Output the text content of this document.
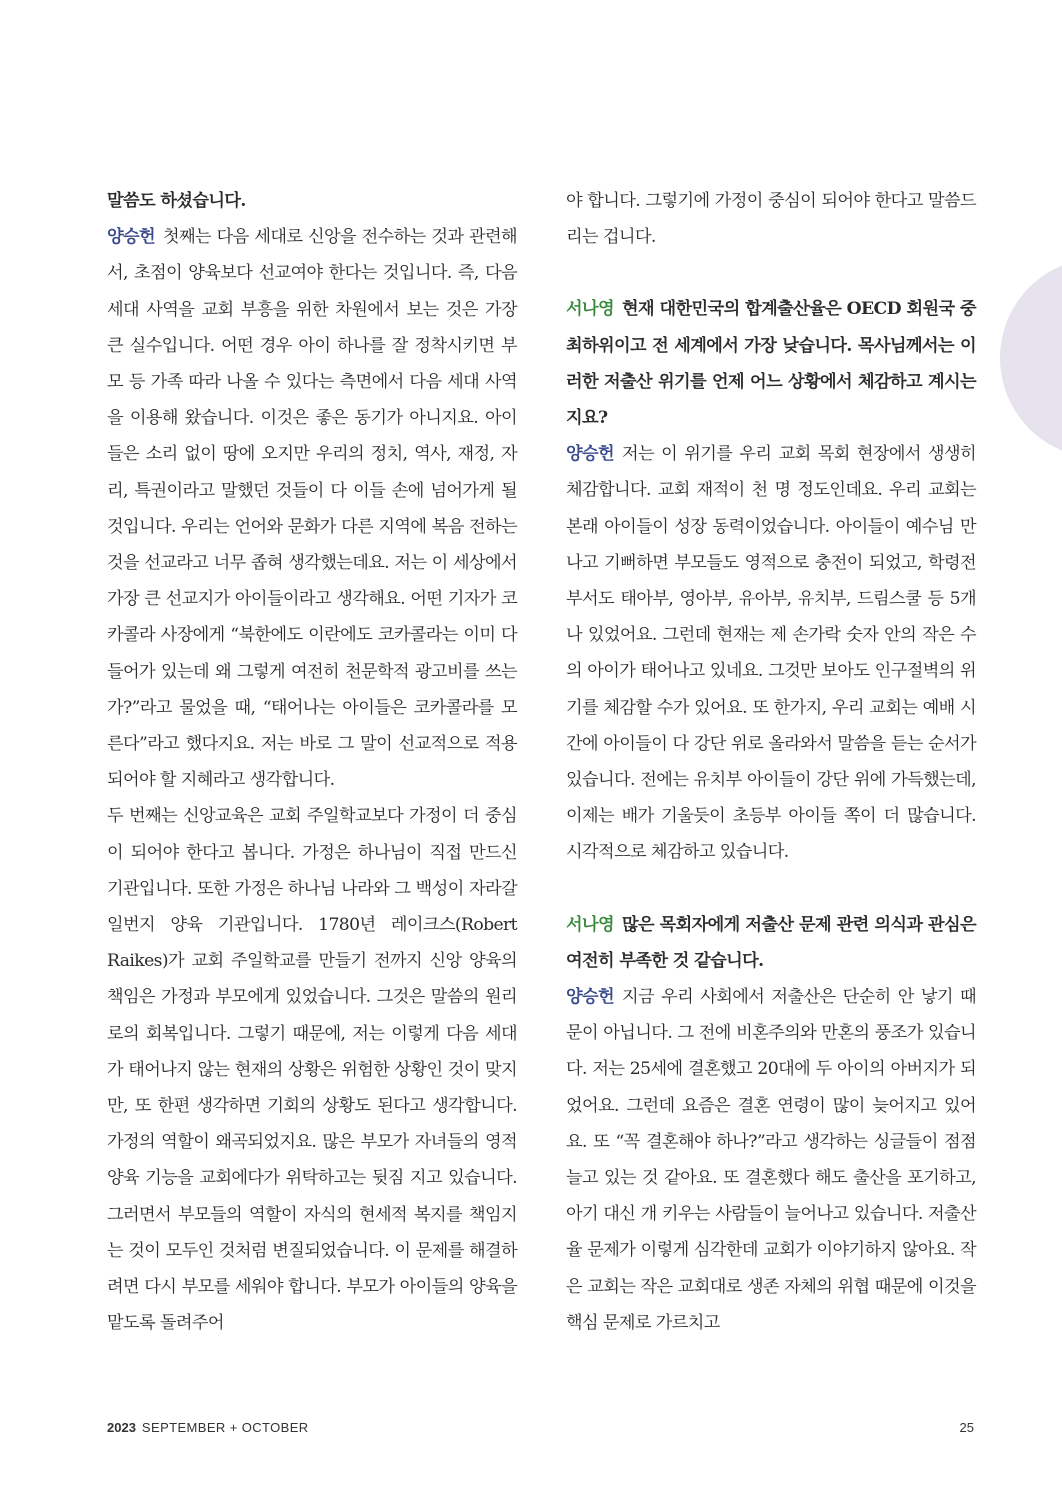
말씀도 하셨습니다.

양승헌 첫째는 다음 세대로 신앙을 전수하는 것과 관련해서, 초점이 양육보다 선교여야 한다는 것입니다. 즉, 다음 세대 사역을 교회 부흥을 위한 차원에서 보는 것은 가장 큰 실수입니다. 어떤 경우 아이 하나를 잘 정착시키면 부모 등 가족 따라 나올 수 있다는 측면에서 다음 세대 사역을 이용해 왔습니다. 이것은 좋은 동기가 아니지요. 아이들은 소리 없이 땅에 오지만 우리의 정치, 역사, 재정, 자리, 특권이라고 말했던 것들이 다 이들 손에 넘어가게 될 것입니다. 우리는 언어와 문화가 다른 지역에 복음 전하는 것을 선교라고 너무 좁혀 생각했는데요. 저는 이 세상에서 가장 큰 선교지가 아이들이라고 생각해요. 어떤 기자가 코카콜라 사장에게 “북한에도 이란에도 코카콜라는 이미 다 들어가 있는데 왜 그렇게 여전히 천문학적 광고비를 쓰는가?”라고 물었을 때, “태어나는 아이들은 코카콜라를 모른다”라고 했다지요. 저는 바로 그 말이 선교적으로 적용되어야 할 지혜라고 생각합니다.

두 번째는 신앙교육은 교회 주일학교보다 가정이 더 중심이 되어야 한다고 봅니다. 가정은 하나님이 직접 만드신 기관입니다. 또한 가정은 하나님 나라와 그 백성이 자라갈 일번지 양육 기관입니다. 1780년 레이크스(Robert Raikes)가 교회 주일학교를 만들기 전까지 신앙 양육의 책임은 가정과 부모에게 있었습니다. 그것은 말씀의 원리로의 회복입니다. 그렇기 때문에, 저는 이렇게 다음 세대가 태어나지 않는 현재의 상황은 위험한 상황인 것이 맞지만, 또 한편 생각하면 기회의 상황도 된다고 생각합니다. 가정의 역할이 왜곡되었지요. 많은 부모가 자녀들의 영적 양육 기능을 교회에다가 위탁하고는 뒷짐 지고 있습니다. 그러면서 부모들의 역할이 자식의 현세적 복지를 책임지는 것이 모두인 것처럼 변질되었습니다. 이 문제를 해결하려면 다시 부모를 세워야 합니다. 부모가 아이들의 양육을 맡도록 돌려주어

야 합니다. 그렇기에 가정이 중심이 되어야 한다고 말씀드리는 겁니다.

서나영 현재 대한민국의 합계출산율은 OECD 회원국 중 최하위이고 전 세계에서 가장 낮습니다. 목사님께서는 이러한 저출산 위기를 언제 어느 상황에서 체감하고 계시는지요?

양승헌 저는 이 위기를 우리 교회 목회 현장에서 생생히 체감합니다. 교회 재적이 천 명 정도인데요. 우리 교회는 본래 아이들이 성장 동력이었습니다. 아이들이 예수님 만나고 기뻐하면 부모들도 영적으로 충전이 되었고, 학령전 부서도 태아부, 영아부, 유아부, 유치부, 드림스쿨 등 5개나 있었어요. 그런데 현재는 제 손가락 숫자 안의 작은 수의 아이가 태어나고 있네요. 그것만 보아도 인구절벽의 위기를 체감할 수가 있어요. 또 한가지, 우리 교회는 예배 시간에 아이들이 다 강단 위로 올라와서 말씀을 듣는 순서가 있습니다. 전에는 유치부 아이들이 강단 위에 가득했는데, 이제는 배가 기울듯이 초등부 아이들 쪽이 더 많습니다. 시각적으로 체감하고 있습니다.

서나영 많은 목회자에게 저출산 문제 관련 의식과 관심은 여전히 부족한 것 같습니다.

양승헌 지금 우리 사회에서 저출산은 단순히 안 낳기 때문이 아닙니다. 그 전에 비혼주의와 만혼의 풍조가 있습니다. 저는 25세에 결혼했고 20대에 두 아이의 아버지가 되었어요. 그런데 요즘은 결혼 연령이 많이 늦어지고 있어요. 또 “꼭 결혼해야 하나?”라고 생각하는 싱글들이 점점 늘고 있는 것 같아요. 또 결혼했다 해도 출산을 포기하고, 아기 대신 개 키우는 사람들이 늘어나고 있습니다. 저출산율 문제가 이렇게 심각한데 교회가 이야기하지 않아요. 작은 교회는 작은 교회대로 생존 자체의 위협 때문에 이것을 핵심 문제로 가르치고

2023 SEPTEMBER + OCTOBER	25
